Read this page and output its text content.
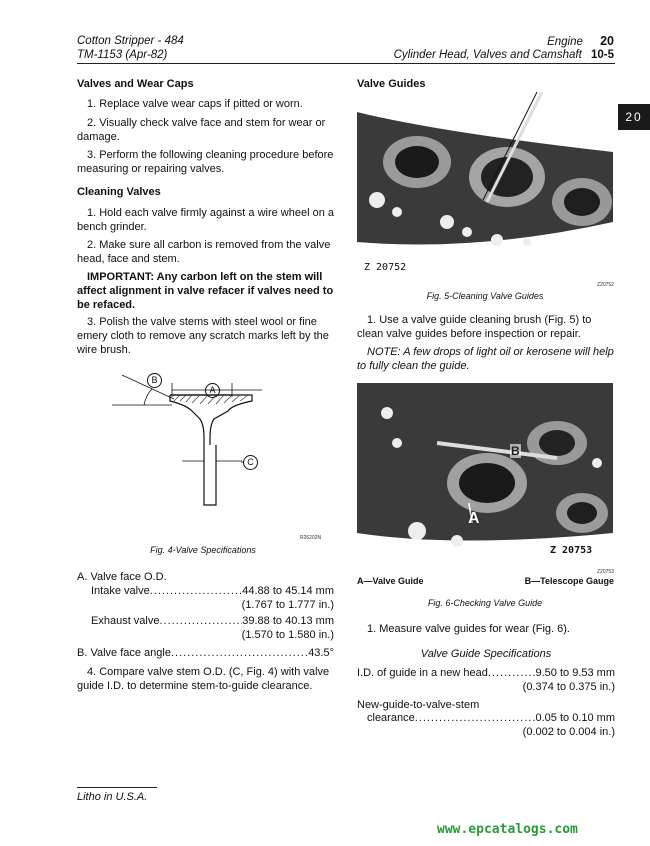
Cotton Stripper - 484
TM-1153 (Apr-82)
Engine 20
Cylinder Head, Valves and Camshaft 10-5
20
Valves and Wear Caps
1. Replace valve wear caps if pitted or worn.
2. Visually check valve face and stem for wear or damage.
3. Perform the following cleaning procedure before measuring or repairing valves.
Cleaning Valves
1. Hold each valve firmly against a wire wheel on a bench grinder.
2. Make sure all carbon is removed from the valve head, face and stem.
IMPORTANT: Any carbon left on the stem will affect alignment in valve refacer if valves need to be refaced.
3. Polish the valve stems with steel wool or fine emery cloth to remove any scratch marks left by the wire brush.
B
A
C
R26202N
Fig. 4-Valve Specifications
A. Valve face O.D.
Intake valve .....	44.88 to 45.14 mm
(1.767 to 1.777 in.)
Exhaust valve .....	39.88 to 40.13 mm
(1.570 to 1.580 in.)
B. Valve face angle .....	43.5°
4. Compare valve stem O.D. (C, Fig. 4) with valve guide I.D. to determine stem-to-guide clearance.
Litho in U.S.A.
Valve Guides
Z 20752
Z20752
Fig. 5-Cleaning Valve Guides
1. Use a valve guide cleaning brush (Fig. 5) to clean valve guides before inspection or repair.
NOTE: A few drops of light oil or kerosene will help to fully clean the guide.
A
B
Z 20753
Z20753
A—Valve Guide	B—Telescope Gauge
Fig. 6-Checking Valve Guide
1. Measure valve guides for wear (Fig. 6).
Valve Guide Specifications
I.D. of guide in a new head .....	9.50 to 9.53 mm
(0.374 to 0.375 in.)
New-guide-to-valve-stem
clearance .....	0.05 to 0.10 mm
(0.002 to 0.004 in.)
www.epcatalogs.com
